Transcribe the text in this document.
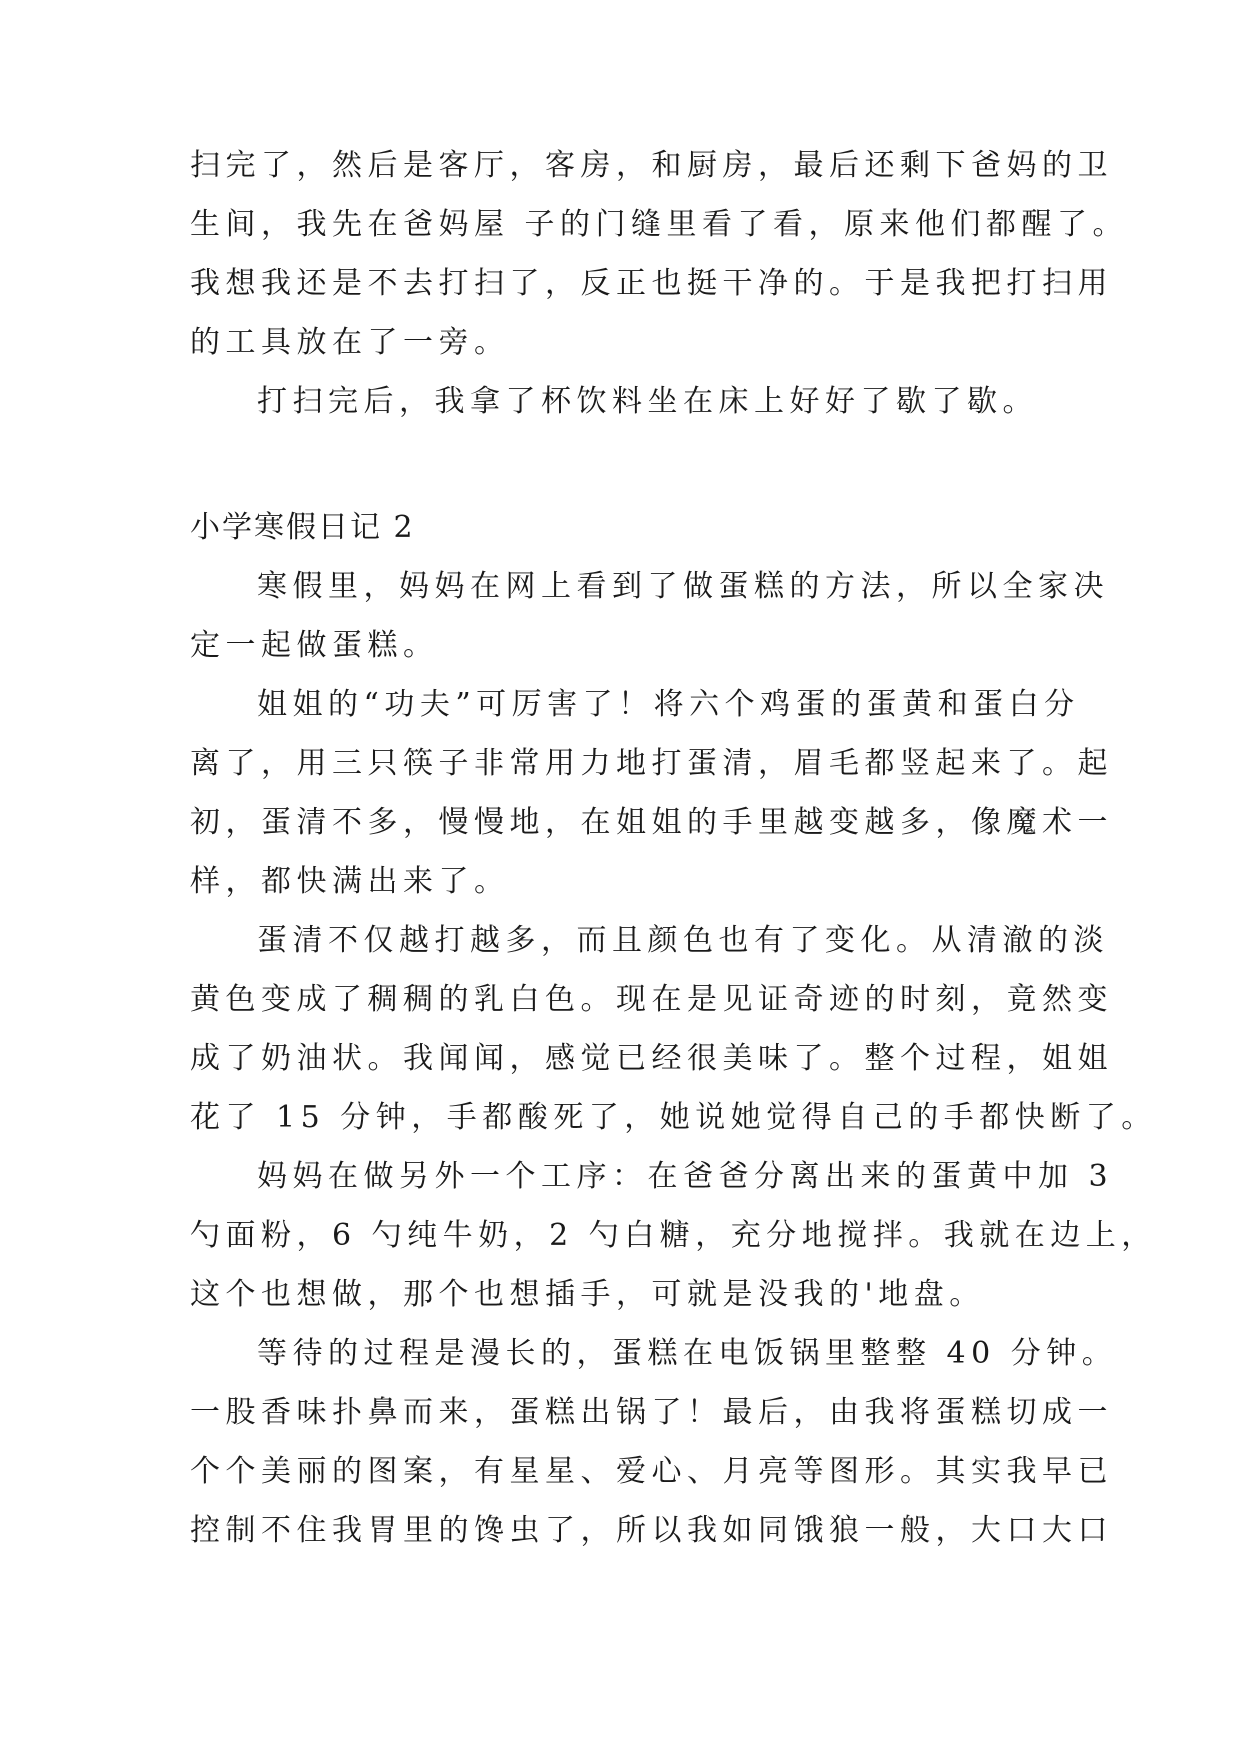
扫完了，然后是客厅，客房，和厨房，最后还剩下爸妈的卫
生间，我先在爸妈屋 子的门缝里看了看，原来他们都醒了。
我想我还是不去打扫了，反正也挺干净的。于是我把打扫用
的工具放在了一旁。
打扫完后，我拿了杯饮料坐在床上好好了歇了歇。
小学寒假日记 2
寒假里，妈妈在网上看到了做蛋糕的方法，所以全家决
定一起做蛋糕。
姐姐的“功夫”可厉害了！将六个鸡蛋的蛋黄和蛋白分
离了，用三只筷子非常用力地打蛋清，眉毛都竖起来了。起
初，蛋清不多，慢慢地，在姐姐的手里越变越多，像魔术一
样，都快满出来了。
蛋清不仅越打越多，而且颜色也有了变化。从清澈的淡
黄色变成了稠稠的乳白色。现在是见证奇迹的时刻，竟然变
成了奶油状。我闻闻，感觉已经很美味了。整个过程，姐姐
花了 15 分钟，手都酸死了，她说她觉得自己的手都快断了。
妈妈在做另外一个工序：在爸爸分离出来的蛋黄中加 3
勺面粉，6 勺纯牛奶，2 勺白糖，充分地搅拌。我就在边上，
这个也想做，那个也想插手，可就是没我的'地盘。
等待的过程是漫长的，蛋糕在电饭锅里整整 40 分钟。
一股香味扑鼻而来，蛋糕出锅了！最后，由我将蛋糕切成一
个个美丽的图案，有星星、爱心、月亮等图形。其实我早已
控制不住我胃里的馋虫了，所以我如同饿狼一般，大口大口
